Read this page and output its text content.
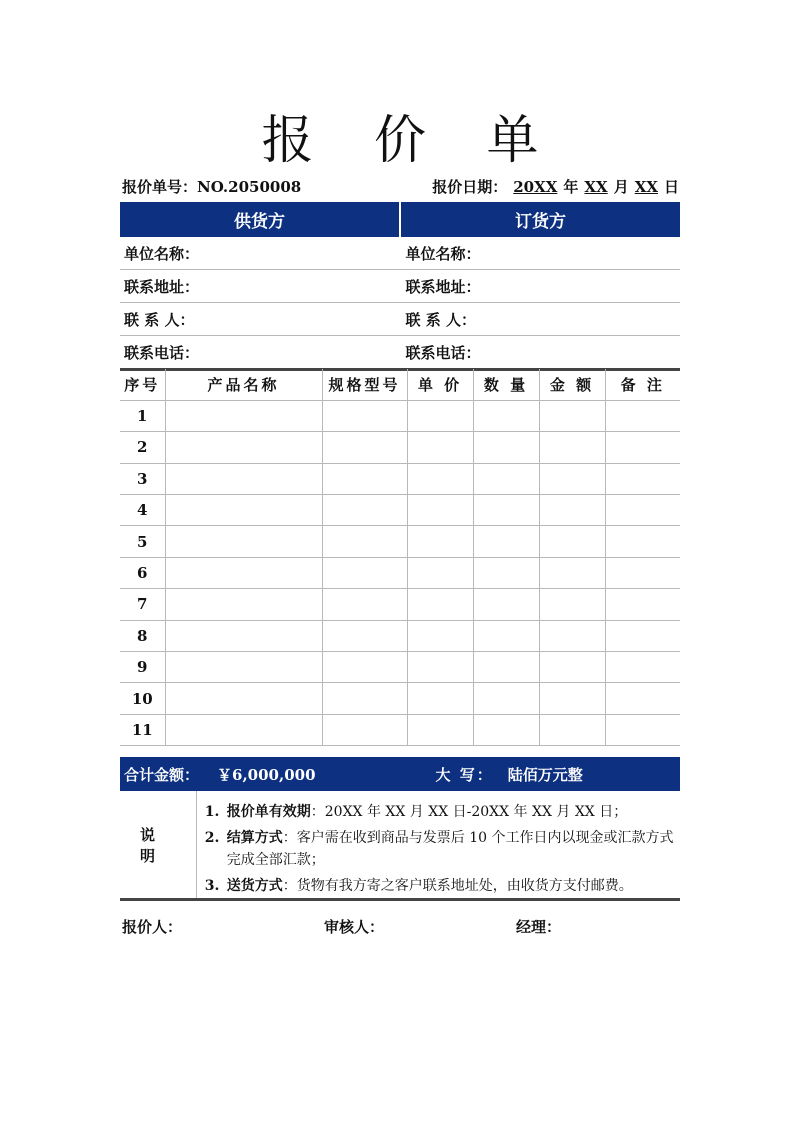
报 价 单
报价单号：NO.2050008	报价日期： 20XX 年 XX 月 XX 日
供货方	订货方
单位名称：	单位名称：
联系地址：	联系地址：
联 系 人：	联 系 人：
联系电话：	联系电话：
序号	产品名称	规格型号	单 价	数 量	金 额	备 注
1						
2						
3						
4						
5						
6						
7						
8						
9						
10						
11						
合计金额： ￥6,000,000	大 写： 陆佰万元整
说明
1. 报价单有效期：20XX 年 XX 月 XX 日-20XX 年 XX 月 XX 日；
2. 结算方式：客户需在收到商品与发票后 10 个工作日内以现金或汇款方式完成全部汇款；
3. 送货方式：货物有我方寄之客户联系地址处，由收货方支付邮费。
报价人：	审核人：	经理：
